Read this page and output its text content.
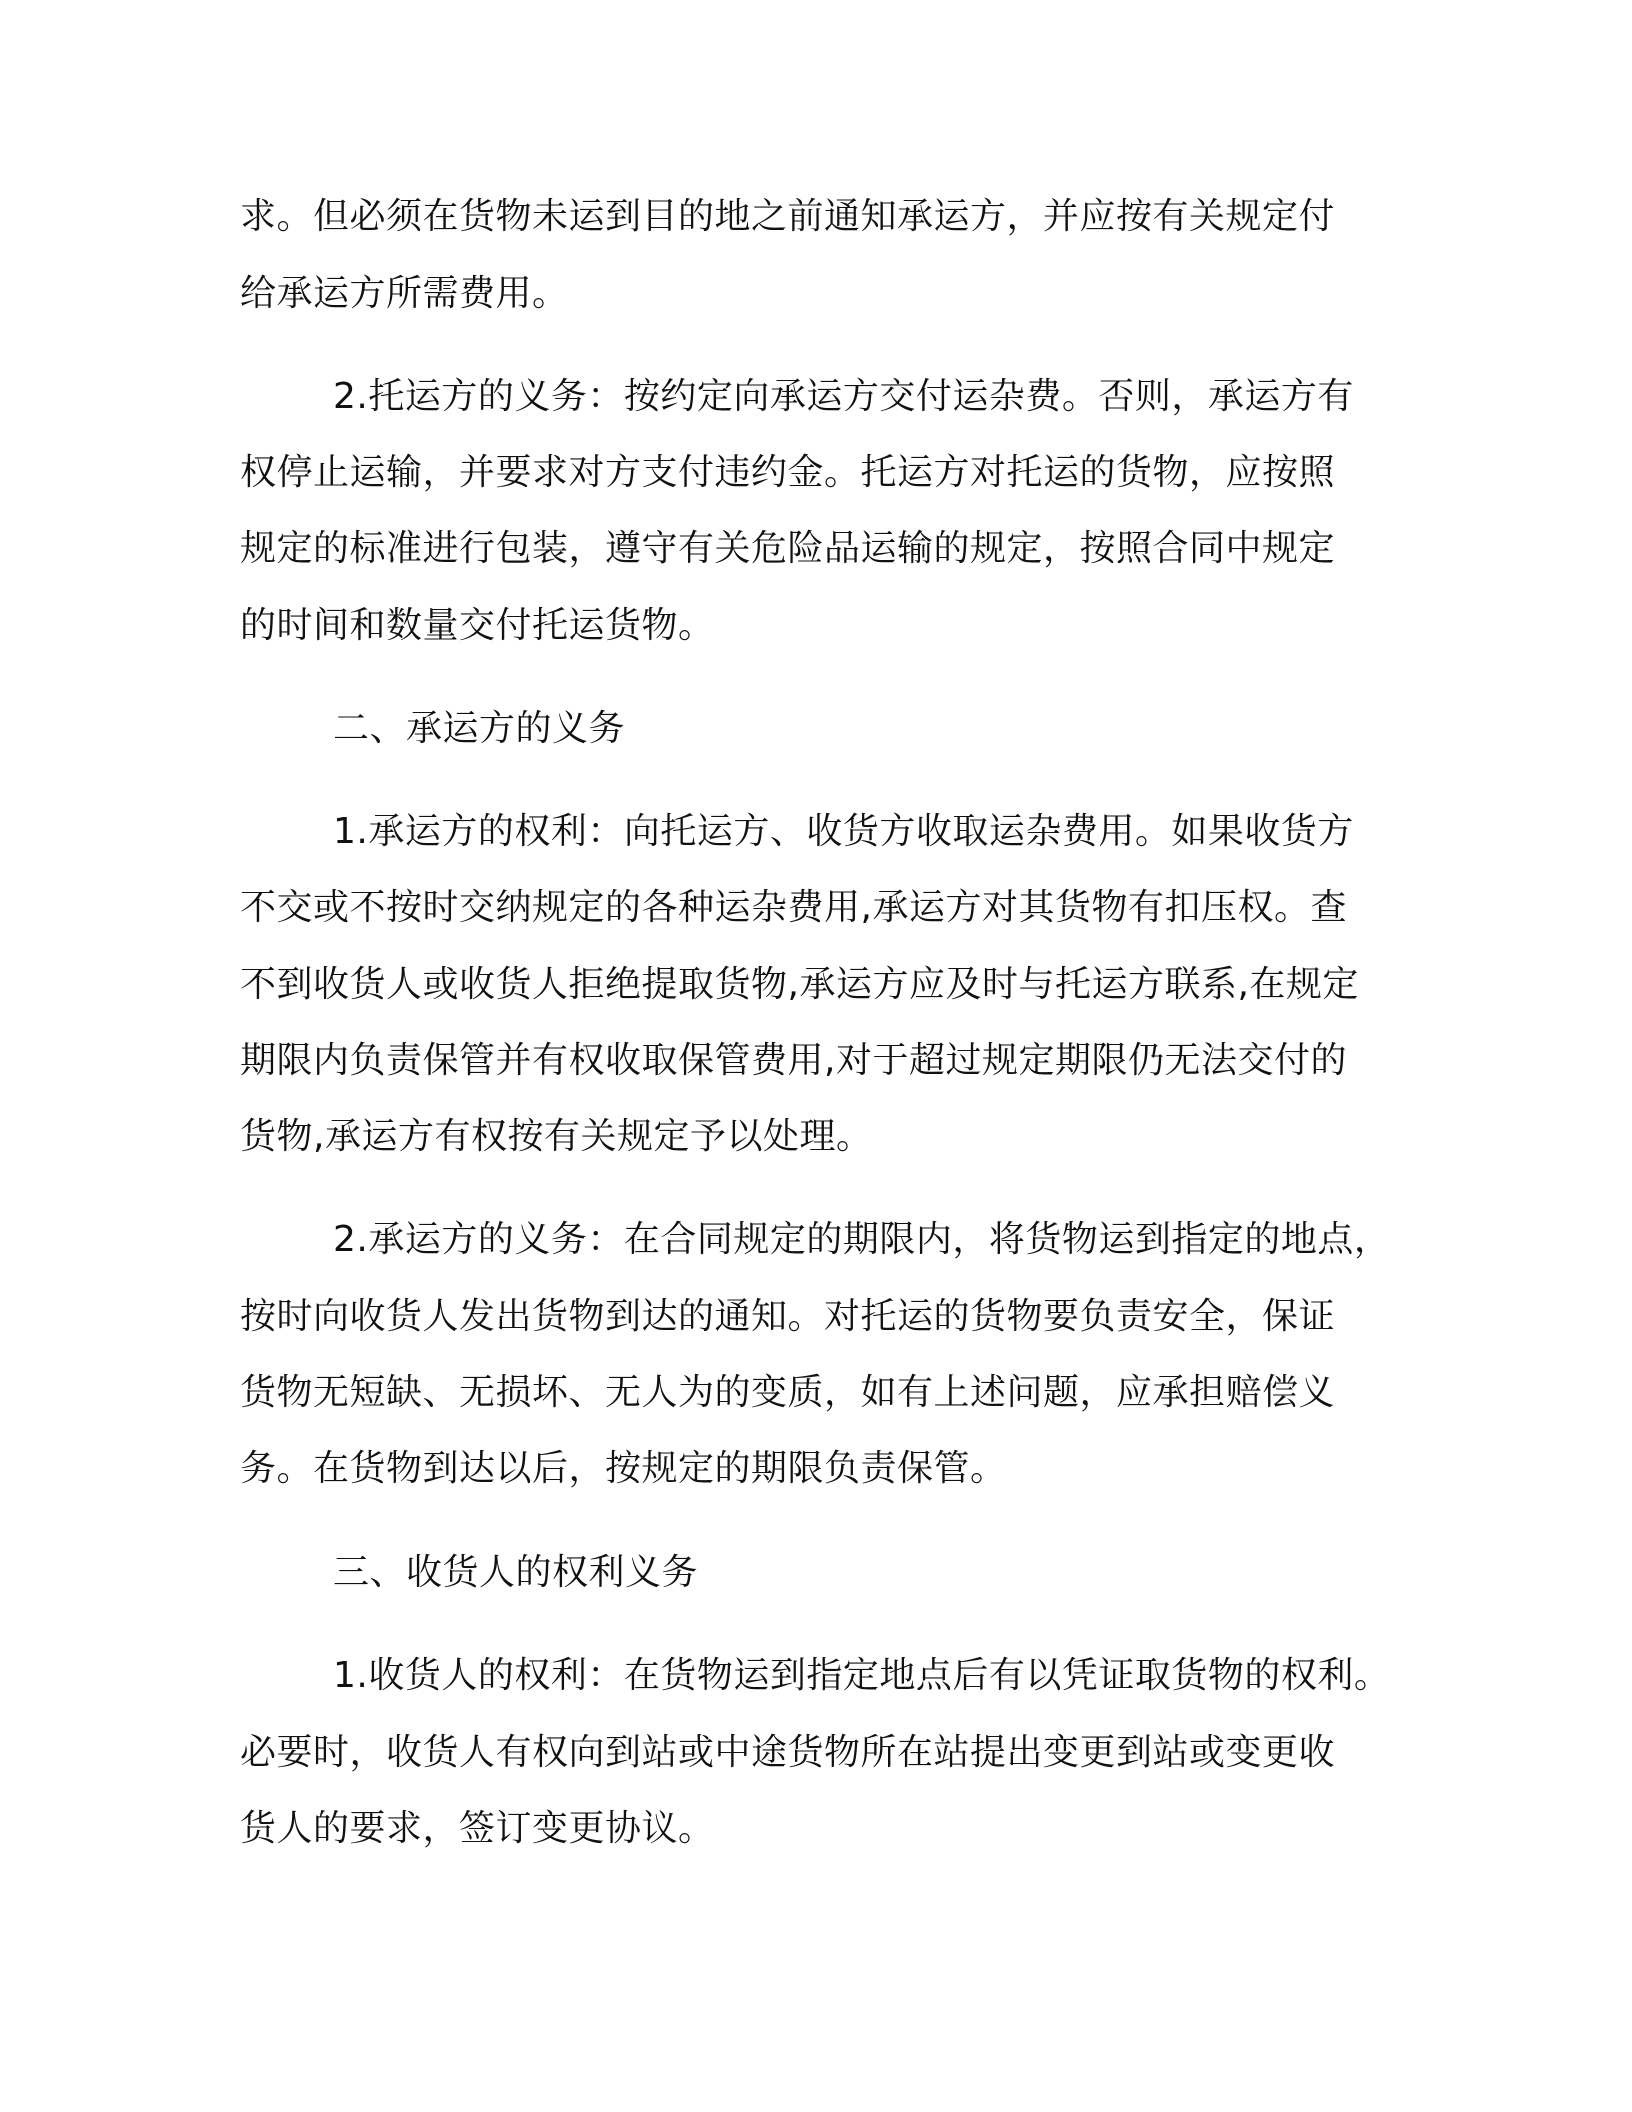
求。但必须在货物未运到目的地之前通知承运方，并应按有关规定付
给承运方所需费用。
2.托运方的义务：按约定向承运方交付运杂费。否则，承运方有
权停止运输，并要求对方支付违约金。托运方对托运的货物，应按照
规定的标准进行包装，遵守有关危险品运输的规定，按照合同中规定
的时间和数量交付托运货物。
二、承运方的义务
1.承运方的权利：向托运方、收货方收取运杂费用。如果收货方
不交或不按时交纳规定的各种运杂费用,承运方对其货物有扣压权。查
不到收货人或收货人拒绝提取货物,承运方应及时与托运方联系,在规定
期限内负责保管并有权收取保管费用,对于超过规定期限仍无法交付的
货物,承运方有权按有关规定予以处理。
2.承运方的义务：在合同规定的期限内，将货物运到指定的地点，
按时向收货人发出货物到达的通知。对托运的货物要负责安全，保证
货物无短缺、无损坏、无人为的变质，如有上述问题，应承担赔偿义
务。在货物到达以后，按规定的期限负责保管。
三、收货人的权利义务
1.收货人的权利：在货物运到指定地点后有以凭证取货物的权利。
必要时，收货人有权向到站或中途货物所在站提出变更到站或变更收
货人的要求，签订变更协议。
